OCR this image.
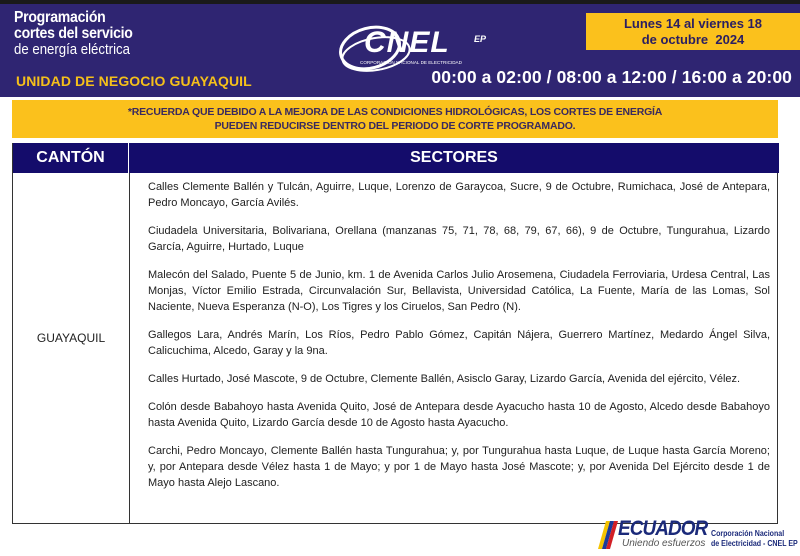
Programación
cortes del servicio
de energía eléctrica
UNIDAD DE NEGOCIO GUAYAQUIL
CNEL	EP
CORPORACIÓN NACIONAL DE ELECTRICIDAD
Lunes 14 al viernes 18
de octubre  2024
00:00 a 02:00 / 08:00 a 12:00 / 16:00 a 20:00
*RECUERDA QUE DEBIDO A LA MEJORA DE LAS CONDICIONES HIDROLÓGICAS, LOS CORTES DE ENERGÍA
PUEDEN REDUCIRSE DENTRO DEL PERIODO DE CORTE PROGRAMADO.
CANTÓN	SECTORES
GUAYAQUIL

Calles Clemente Ballén y Tulcán, Aguirre, Luque, Lorenzo de Garaycoa, Sucre, 9 de Octubre, Rumichaca, José de Antepara, Pedro Moncayo, García Avilés.

Ciudadela Universitaria, Bolivariana, Orellana (manzanas 75, 71, 78, 68, 79, 67, 66), 9 de Octubre, Tungurahua, Lizardo García, Aguirre, Hurtado, Luque

Malecón del Salado, Puente 5 de Junio, km. 1 de Avenida Carlos Julio Arosemena, Ciudadela Ferroviaria, Urdesa Central, Las Monjas, Víctor Emilio Estrada, Circunvalación Sur, Bellavista, Universidad Católica, La Fuente, María de las Lomas, Sol Naciente, Nueva Esperanza (N-O), Los Tigres y los Ciruelos, San Pedro (N).

Gallegos Lara, Andrés Marín, Los Ríos, Pedro Pablo Gómez, Capitán Nájera, Guerrero Martínez, Medardo Ángel Silva, Calicuchima, Alcedo, Garay y la 9na.

Calles Hurtado, José Mascote, 9 de Octubre, Clemente Ballén, Asisclo Garay, Lizardo García, Avenida del ejército, Vélez.

Colón desde Babahoyo hasta Avenida Quito, José de Antepara desde Ayacucho hasta 10 de Agosto, Alcedo desde Babahoyo hasta Avenida Quito, Lizardo García desde 10 de Agosto hasta Ayacucho.

Carchi, Pedro Moncayo, Clemente Ballén hasta Tungurahua; y, por Tungurahua hasta Luque, de Luque hasta García Moreno; y, por Antepara desde Vélez hasta 1 de Mayo; y por 1 de Mayo hasta José Mascote; y, por Avenida Del Ejército desde 1 de Mayo hasta Alejo Lascano.

ECUADOR
Uniendo esfuerzos
Corporación Nacional
de Electricidad - CNEL EP
